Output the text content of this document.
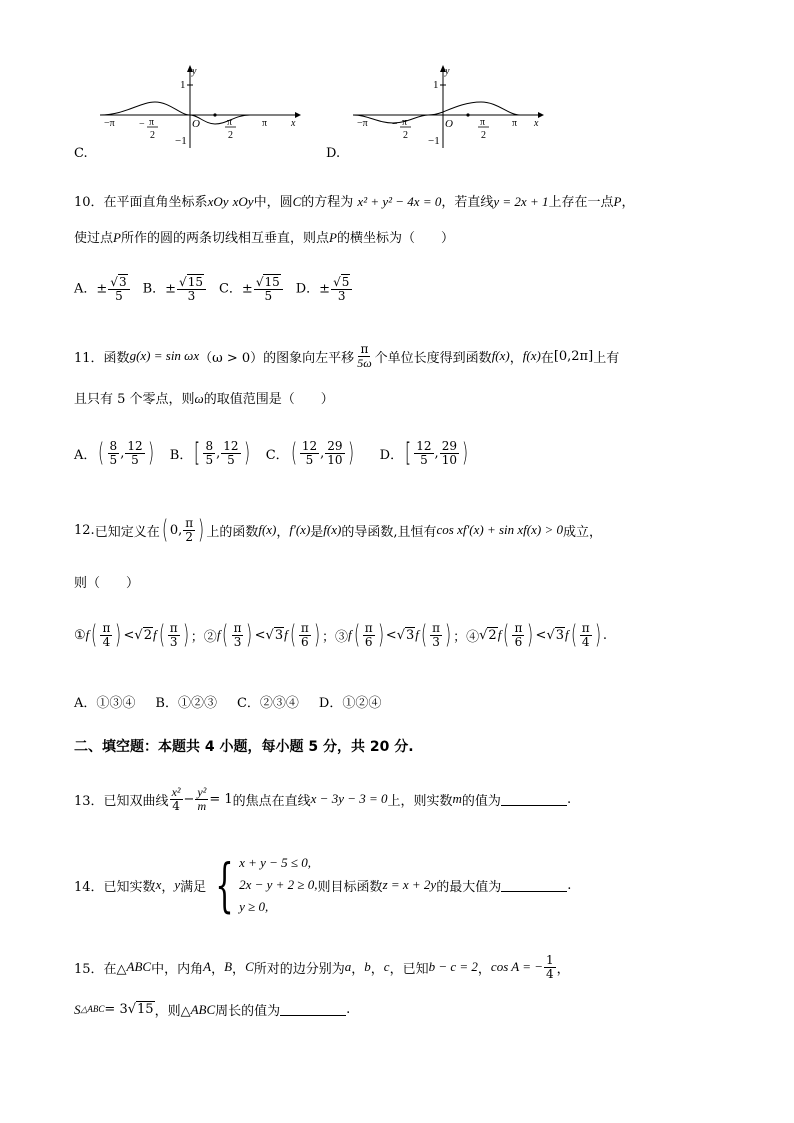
y
1
x
O
−π	π
−1
− π
2
π
2
C.
y
1
x
O
−π	π
−1
− π
2
π
2
D.
10．在平面直角坐标系xOy xOy中，圆C的方程为 x² + y² − 4x = 0，若直线y = 2x + 1上存在一点P，
使过点P所作的圆的两条切线相互垂直，则点P的横坐标为（　　）
A．± $\frac{√3}{5}$ B．± $\frac{√15}{3}$ C．± $\frac{√15}{5}$ D．± $\frac{√5}{3}$
11． 函数 g(x) = sin ωx （ω > 0） 的图象向左平移 $\frac{\pi}{5\omega}$ 个单位长度得到函数 f(x) ， f(x) 在 [0,2π] 上有
且只有 5 个零点，则ω的取值范围是（　　）
A． ( $\frac{8}{5}$ , $\frac{12}{5}$ ) B． [ $\frac{8}{5}$ , $\frac{12}{5}$ ) C． ( $\frac{12}{5}$ , $\frac{29}{10}$ ) D． [ $\frac{12}{5}$ , $\frac{29}{10}$ )
12. 已知定义在 ( 0, $\frac{\pi}{2}$ ) 上的函数 f(x) ， f′(x) 是 f(x) 的导函数,且恒有 cos xf′(x) + sin xf(x) > 0 成立，
则（　　）
① f ( $\frac{\pi}{4}$ ) < √ 2 f ( $\frac{\pi}{3}$ ) ；② f ( $\frac{\pi}{3}$ ) < √ 3 f ( $\frac{\pi}{6}$ ) ；③ f ( $\frac{\pi}{6}$ ) < √ 3 f ( $\frac{\pi}{3}$ ) ；④ √ 2 f ( $\frac{\pi}{6}$ ) < √ 3 f ( $\frac{\pi}{4}$ ) .
A．①③④ B．①②③ C．②③④ D．①②④
二、填空题：本题共 4 小题，每小题 5 分，共 20 分.
13． 已知双曲线 $\frac{\text{x²}}{4} - \frac{\text{y²}}{m} = 1$ 的焦点在直线 x − 3y − 3 = 0 上，则实数 m 的值为	.
14． 已知实数 x ， y 满足 { x + y − 5 ≤ 0,
2x − y + 2 ≥ 0,
y ≥ 0,
则目标函数 z = x + 2y 的最大值为	.
15． 在△ ABC 中，内角 A ， B ， C 所对的边分别为 a ， b ， c ，已知 b − c = 2 ， cos A = − $\frac{1}{4}$ ，
S △ABC = 3 √ 15 ，则△ ABC 周长的值为	.
